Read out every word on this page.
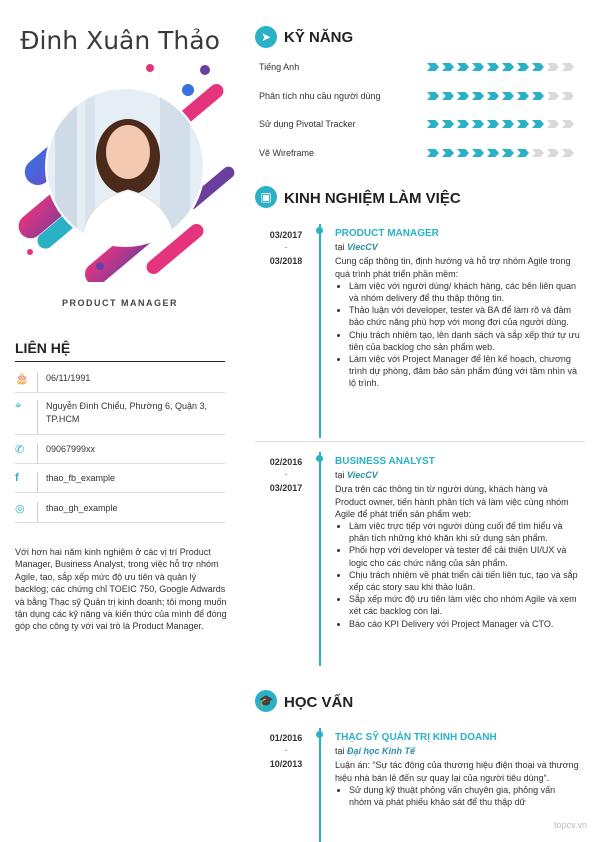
Đinh Xuân Thảo
PRODUCT MANAGER
LIÊN HỆ
🎂	06/11/1991
⌖	Nguyễn Đình Chiểu, Phường 6, Quận 3, TP.HCM
✆	09067999xx
f	thao_fb_example
◎	thao_gh_example
Với hơn hai năm kinh nghiệm ở các vị trí Product Manager, Business Analyst, trong việc hỗ trợ nhóm Agile, tạo, sắp xếp mức độ ưu tiên và quản lý backlog; các chứng chỉ TOEIC 750, Google Adwards và bằng Thạc sỹ Quản trị kinh doanh; tôi mong muốn tận dụng các kỹ năng và kiến thức của mình để đóng góp cho công ty với vai trò là Product Manager.
➤ KỸ NĂNG
Tiếng Anh
Phân tích nhu cầu người dùng
Sử dụng Pivotal Tracker
Vẽ Wireframe
▣ KINH NGHIỆM LÀM VIỆC
03/2017
-
03/2018
PRODUCT MANAGER
tại ViecCV
Cung cấp thông tin, định hướng và hỗ trợ nhóm Agile trong quá trình phát triển phần mềm:
• Làm việc với người dùng/ khách hàng, các bên liên quan và nhóm delivery để thu thập thông tin.
• Thảo luận với developer, tester và BA để làm rõ và đảm bảo chức năng phù hợp với mong đợi của người dùng.
• Chịu trách nhiệm tạo, lên danh sách và sắp xếp thứ tự ưu tiên của backlog cho sản phẩm web.
• Làm việc với Project Manager để lên kế hoạch, chương trình dự phòng, đảm bảo sản phẩm đúng với tầm nhìn và lộ trình.
02/2016
-
03/2017
BUSINESS ANALYST
tại ViecCV
Dựa trên các thông tin từ người dùng, khách hàng và Product owner, tiến hành phân tích và làm việc cùng nhóm Agile để phát triển sản phẩm web:
• Làm việc trực tiếp với người dùng cuối để tìm hiểu và phân tích những khó khăn khi sử dụng sản phẩm.
• Phối hợp với developer và tester để cải thiện UI/UX và logic cho các chức năng của sản phẩm.
• Chịu trách nhiệm về phát triển cải tiến liên tục, tạo và sắp xếp các story sau khi thảo luận.
• Sắp xếp mức độ ưu tiên làm việc cho nhóm Agile và xem xét các backlog còn lại.
• Báo cáo KPI Delivery với Project Manager và CTO.
🎓 HỌC VẤN
01/2016
-
10/2013
THẠC SỸ QUẢN TRỊ KINH DOANH
tại Đại học Kinh Tế
Luận án: “Sự tác động của thương hiệu điện thoại và thương hiệu nhà bán lẻ đến sự quay lại của người tiêu dùng“.
• Sử dụng kỹ thuật phỏng vấn chuyên gia, phỏng vấn nhóm và phát phiếu khảo sát để thu thập dữ
topcv.vn
